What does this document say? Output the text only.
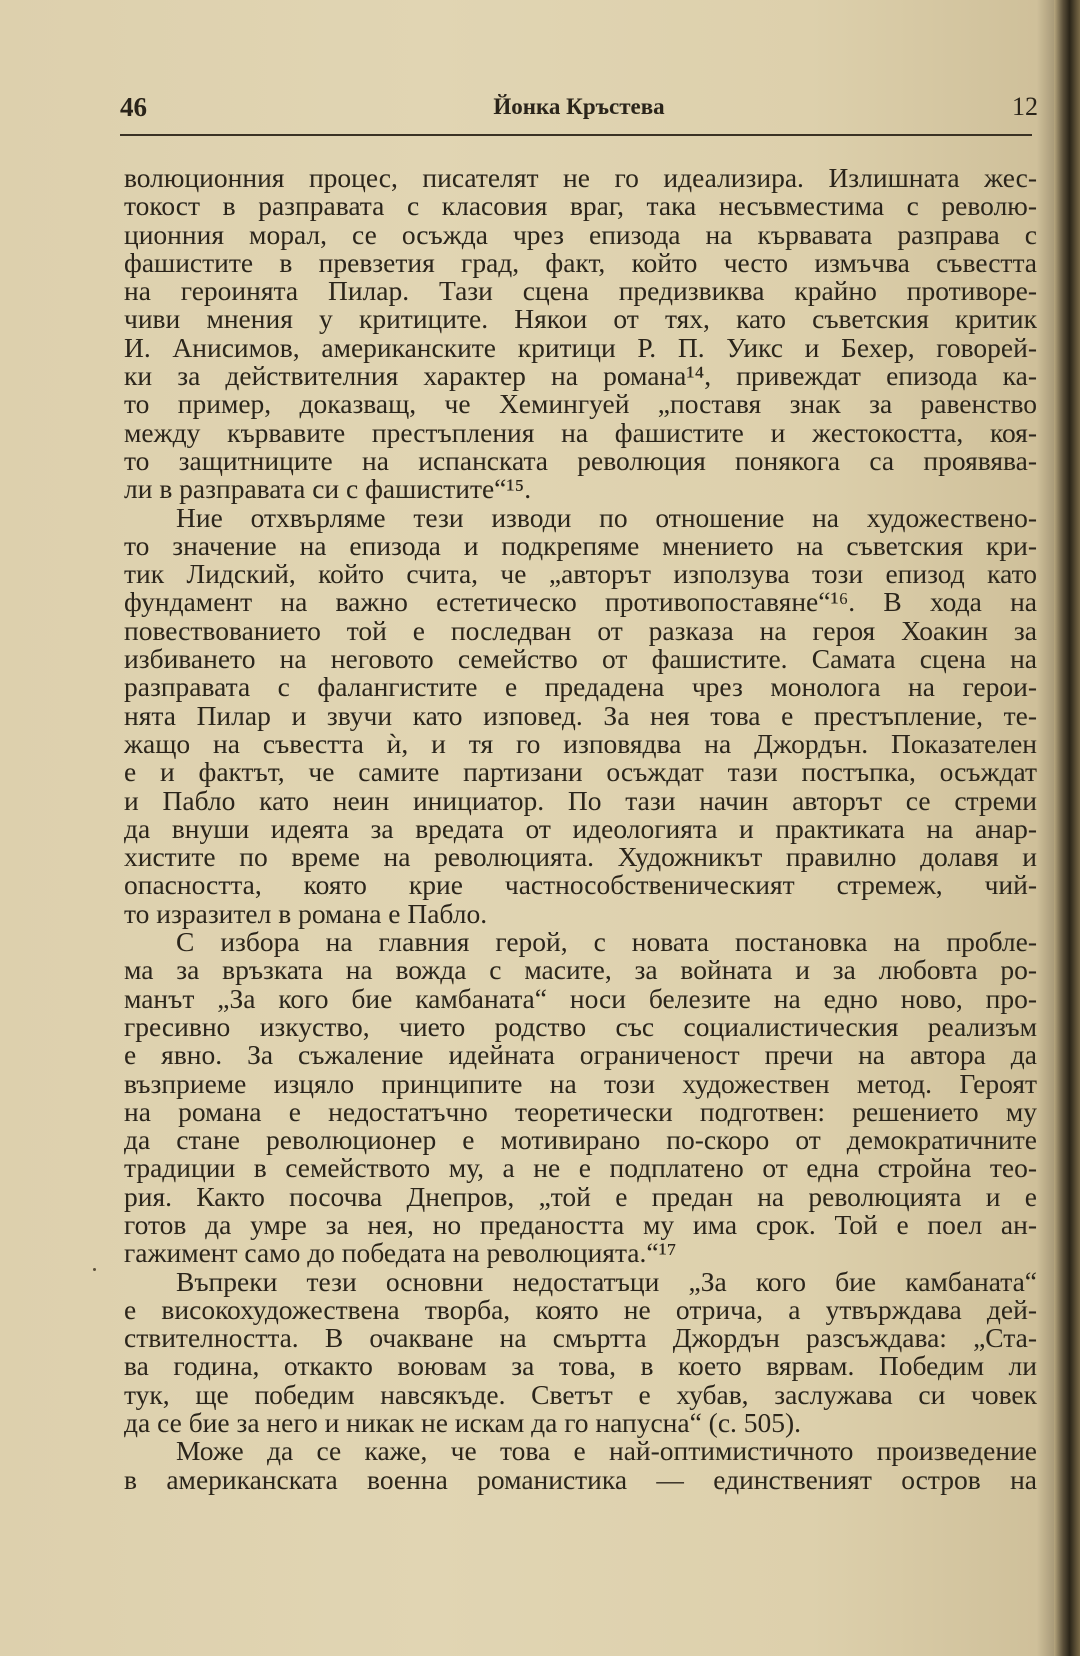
46	Йонка Кръстева	12
волюционния процес, писателят не го идеализира. Излишната жес-
токост в разправата с класовия враг, така несъвместима с револю-
ционния морал, се осъжда чрез епизода на кървавата разправа с
фашистите в превзетия град, факт, който често измъчва съвестта
на героинята Пилар. Тази сцена предизвиква крайно противоре-
чиви мнения у критиците. Някои от тях, като съветския критик
И. Анисимов, американските критици Р. П. Уикс и Бехер, говорей-
ки за действителния характер на романа¹⁴, привеждат епизода ка-
то пример, доказващ, че Хемингуей „поставя знак за равенство
между кървавите престъпления на фашистите и жестокостта, коя-
то защитниците на испанската революция понякога са проявява-
ли в разправата си с фашистите“¹⁵.
Ние отхвърляме тези изводи по отношение на художествено-
то значение на епизода и подкрепяме мнението на съветския кри-
тик Лидский, който счита, че „авторът използува този епизод като
фундамент на важно естетическо противопоставяне“¹⁶. В хода на
повествованието той е последван от разказа на героя Хоакин за
избиването на неговото семейство от фашистите. Самата сцена на
разправата с фалангистите е предадена чрез монолога на герои-
нята Пилар и звучи като изповед. За нея това е престъпление, те-
жащо на съвестта ѝ, и тя го изповядва на Джордън. Показателен
е и фактът, че самите партизани осъждат тази постъпка, осъждат
и Пабло като неин инициатор. По тази начин авторът се стреми
да внуши идеята за вредата от идеологията и практиката на анар-
хистите по време на революцията. Художникът правилно долавя и
опасността, която крие частнособственическият стремеж, чий-
то изразител в романа е Пабло.
С избора на главния герой, с новата постановка на пробле-
ма за връзката на вожда с масите, за войната и за любовта ро-
манът „За кого бие камбаната“ носи белезите на едно ново, про-
гресивно изкуство, чието родство със социалистическия реализъм
е явно. За съжаление идейната ограниченост пречи на автора да
възприеме изцяло принципите на този художествен метод. Героят
на романа е недостатъчно теоретически подготвен: решението му
да стане революционер е мотивирано по-скоро от демократичните
традиции в семейството му, а не е подплатено от една стройна тео-
рия. Както посочва Днепров, „той е предан на революцията и е
готов да умре за нея, но предаността му има срок. Той е поел ан-
гажимент само до победата на революцията.“¹⁷
Въпреки тези основни недостатъци „За кого бие камбаната“
е високохудожествена творба, която не отрича, а утвърждава дей-
ствителността. В очакване на смъртта Джордън разсъждава: „Ста-
ва година, откакто воювам за това, в което вярвам. Победим ли
тук, ще победим навсякъде. Светът е хубав, заслужава си човек
да се бие за него и никак не искам да го напусна“ (с. 505).
Може да се каже, че това е най-оптимистичното произведение
в американската военна романистика — единственият остров на
